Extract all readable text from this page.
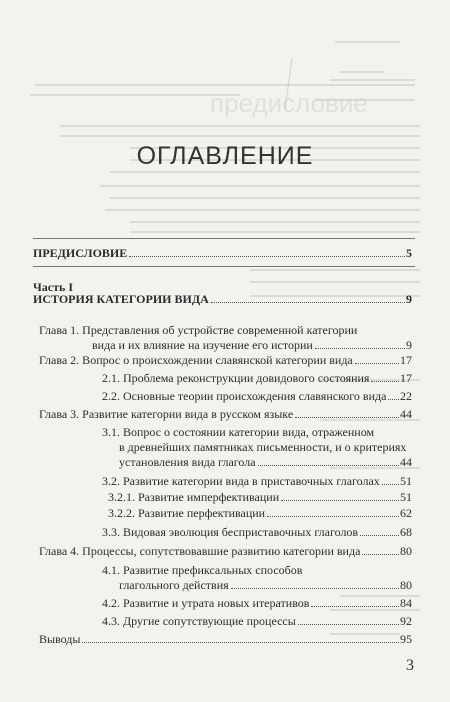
предисловие
ОГЛАВЛЕНИЕ
ПРЕДИСЛОВИЕ	5
Часть I
ИСТОРИЯ КАТЕГОРИИ ВИДА	9
Глава 1. Представления об устройстве современной категории
вида и их влияние на изучение его истории	9
Глава 2. Вопрос о происхождении славянской категории вида	17
2.1. Проблема реконструкции довидового состояния	17
2.2. Основные теории происхождения славянского вида 22
Глава 3. Развитие категории вида в русском языке	44
3.1. Вопрос о состоянии категории вида, отраженном
в древнейших памятниках письменности, и о критериях
установления вида глагола	44
3.2. Развитие категории вида в приставочных глаголах 51
3.2.1. Развитие имперфективации	51
3.2.2. Развитие перфективации	62
3.3. Видовая эволюция бесприставочных глаголов	68
Глава 4. Процессы, сопутствовавшие развитию категории вида	80
4.1. Развитие префиксальных способов
глагольного действия	80
4.2. Развитие и утрата новых итеративов	84
4.3. Другие сопутствующие процессы	92
Выводы	95
3
